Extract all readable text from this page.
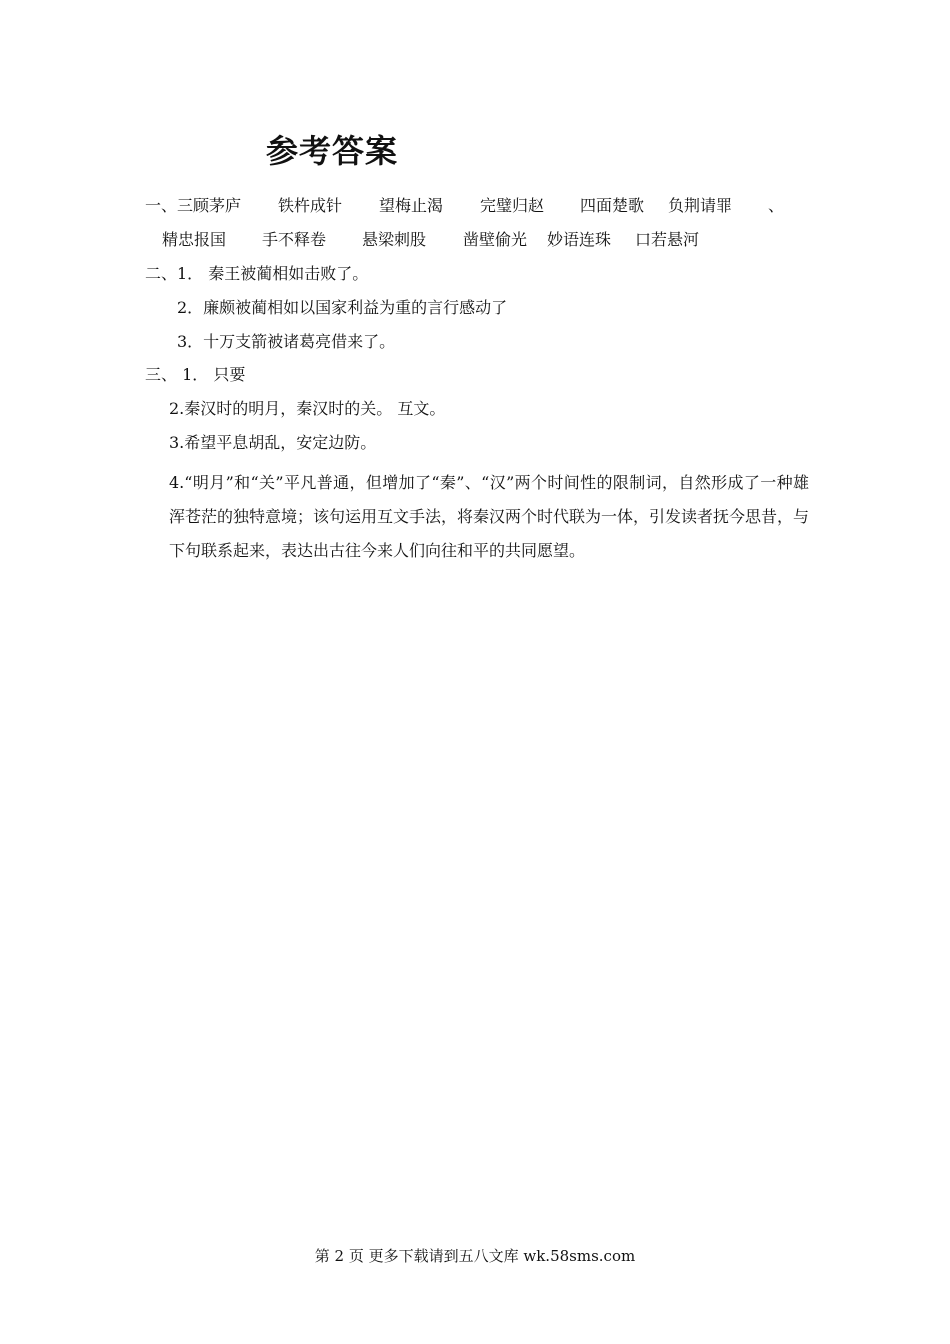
参考答案
一、三顾茅庐 铁杵成针 望梅止渴 完璧归赵 四面楚歌 负荆请罪 、
精忠报国 手不释卷 悬梁刺股 凿壁偷光 妙语连珠 口若悬河
二、1． 秦王被蔺相如击败了。
2．廉颇被蔺相如以国家利益为重的言行感动了
3．十万支箭被诸葛亮借来了。
三、 1． 只要
2.秦汉时的明月，秦汉时的关。 互文。
3.希望平息胡乱，安定边防。
4.“明月”和“关”平凡普通，但增加了“秦”、“汉”两个时间性的限制词，自然形成了一种雄浑苍茫的独特意境；该句运用互文手法，将秦汉两个时代联为一体，引发读者抚今思昔，与下句联系起来，表达出古往今来人们向往和平的共同愿望。
第 2 页 更多下载请到五八文库 wk.58sms.com
